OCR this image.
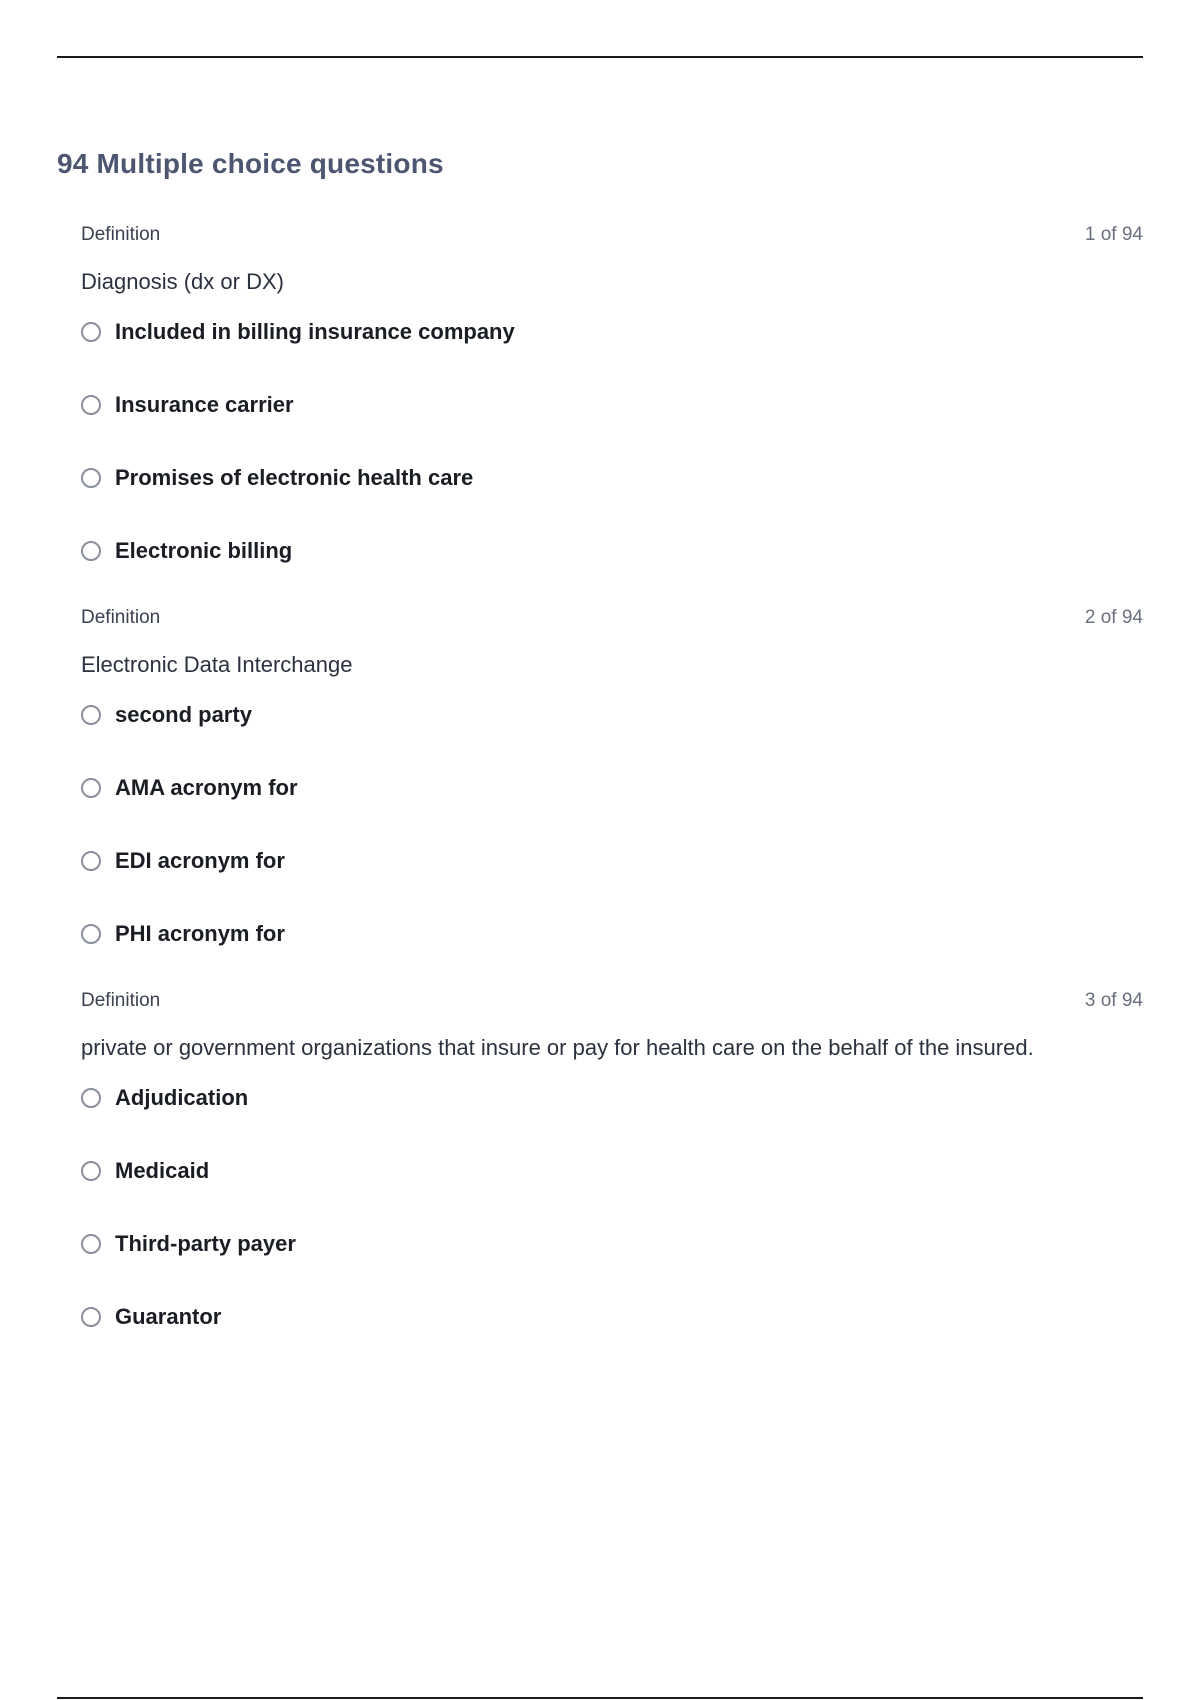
94 Multiple choice questions
Definition	1 of 94
Diagnosis (dx or DX)
Included in billing insurance company
Insurance carrier
Promises of electronic health care
Electronic billing
Definition	2 of 94
Electronic Data Interchange
second party
AMA acronym for
EDI acronym for
PHI acronym for
Definition	3 of 94
private or government organizations that insure or pay for health care on the behalf of the insured.
Adjudication
Medicaid
Third-party payer
Guarantor
